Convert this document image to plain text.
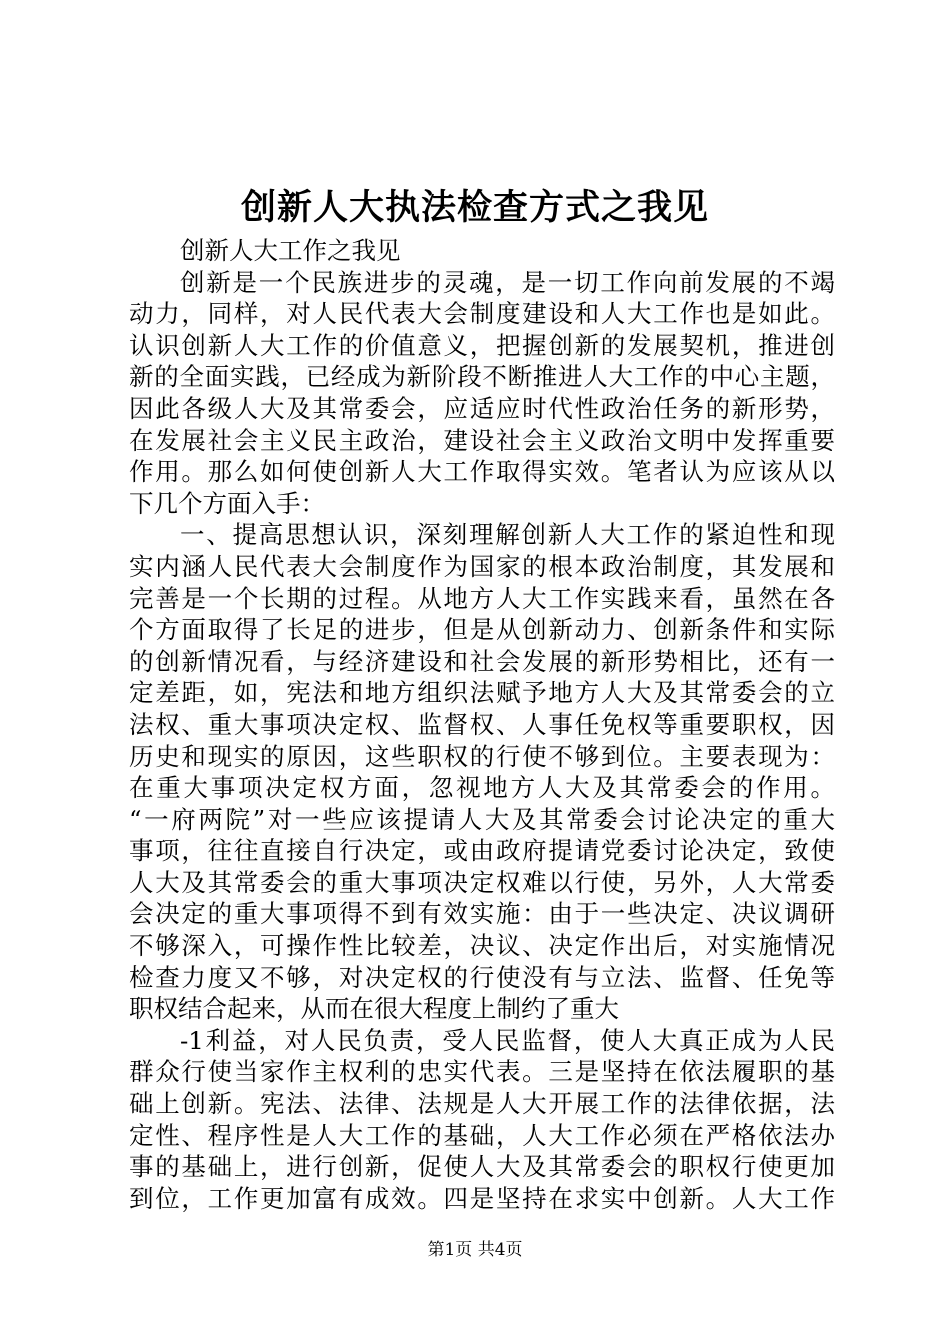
创新人大执法检查方式之我见
创新人大工作之我见
创新是一个民族进步的灵魂，是一切工作向前发展的不竭
动力，同样，对人民代表大会制度建设和人大工作也是如此。
认识创新人大工作的价值意义，把握创新的发展契机，推进创
新的全面实践，已经成为新阶段不断推进人大工作的中心主题，
因此各级人大及其常委会，应适应时代性政治任务的新形势，
在发展社会主义民主政治，建设社会主义政治文明中发挥重要
作用。那么如何使创新人大工作取得实效。笔者认为应该从以
下几个方面入手：
一、提高思想认识，深刻理解创新人大工作的紧迫性和现
实内涵人民代表大会制度作为国家的根本政治制度，其发展和
完善是一个长期的过程。从地方人大工作实践来看，虽然在各
个方面取得了长足的进步，但是从创新动力、创新条件和实际
的创新情况看，与经济建设和社会发展的新形势相比，还有一
定差距，如，宪法和地方组织法赋予地方人大及其常委会的立
法权、重大事项决定权、监督权、人事任免权等重要职权，因
历史和现实的原因，这些职权的行使不够到位。主要表现为：
在重大事项决定权方面，忽视地方人大及其常委会的作用。
“一府两院”对一些应该提请人大及其常委会讨论决定的重大
事项，往往直接自行决定，或由政府提请党委讨论决定，致使
人大及其常委会的重大事项决定权难以行使，另外，人大常委
会决定的重大事项得不到有效实施：由于一些决定、决议调研
不够深入，可操作性比较差，决议、决定作出后，对实施情况
检查力度又不够，对决定权的行使没有与立法、监督、任免等
职权结合起来，从而在很大程度上制约了重大
-1利益，对人民负责，受人民监督，使人大真正成为人民
群众行使当家作主权利的忠实代表。三是坚持在依法履职的基
础上创新。宪法、法律、法规是人大开展工作的法律依据，法
定性、程序性是人大工作的基础，人大工作必须在严格依法办
事的基础上，进行创新，促使人大及其常委会的职权行使更加
到位，工作更加富有成效。四是坚持在求实中创新。人大工作
第1页 共4页
